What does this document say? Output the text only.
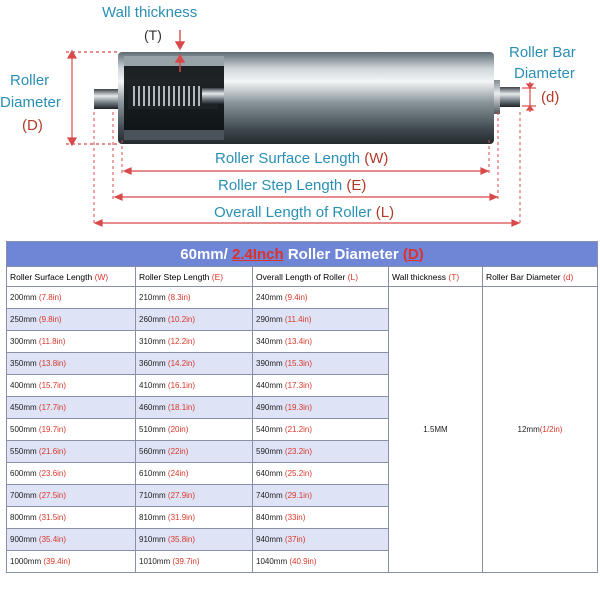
Wall thickness
(T)
Roller
Diameter
(D)
Roller Bar
Diameter
(d)
Roller Surface Length (W)
Roller Step Length (E)
Overall Length of Roller (L)
60mm/ 2.4Inch Roller Diameter (D)				
Roller Surface Length (W)	Roller Step Length (E)	Overall Length of Roller (L)	Wall thickness (T)	Roller Bar Diameter (d)
200mm (7.8in)	210mm (8.3in)	240mm (9.4in)	1.5MM	12mm(1/2in)
250mm (9.8in)	260mm (10.2in)	290mm (11.4in)		
300mm (11.8in)	310mm (12.2in)	340mm (13.4in)		
350mm (13.8in)	360mm (14.2in)	390mm (15.3in)		
400mm (15.7in)	410mm (16.1in)	440mm (17.3in)		
450mm (17.7in)	460mm (18.1in)	490mm (19.3in)		
500mm (19.7in)	510mm (20in)	540mm (21.2in)		
550mm (21.6in)	560mm (22in)	590mm (23.2in)		
600mm (23.6in)	610mm (24in)	640mm (25.2in)		
700mm (27.5in)	710mm (27.9in)	740mm (29.1in)		
800mm (31.5in)	810mm (31.9in)	840mm (33in)		
900mm (35.4in)	910mm (35.8in)	940mm (37in)		
1000mm (39.4in)	1010mm (39.7in)	1040mm (40.9in)		
